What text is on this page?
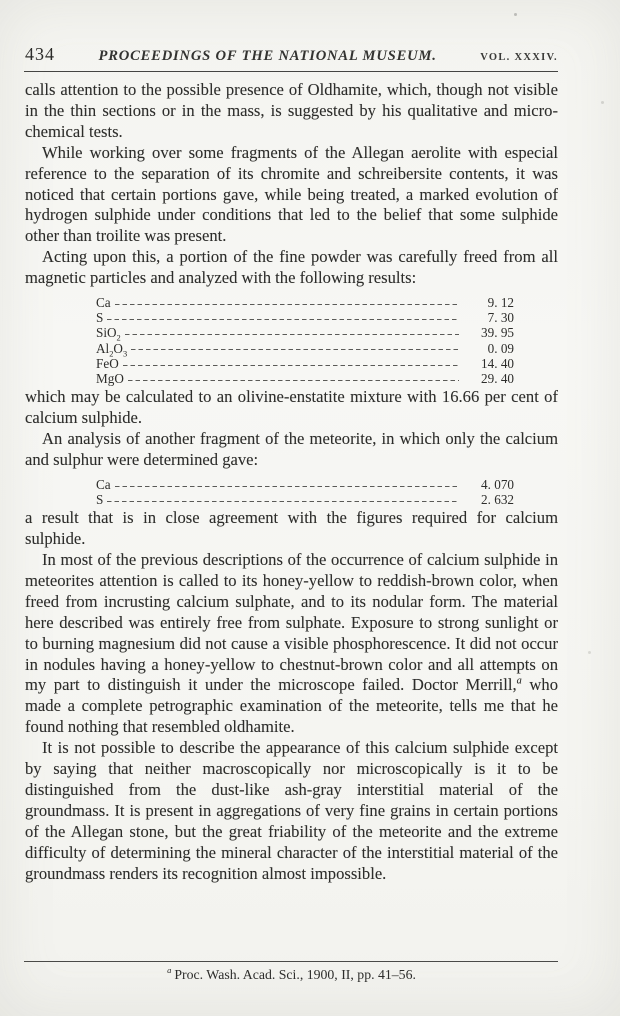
434	PROCEEDINGS OF THE NATIONAL MUSEUM.	VOL. XXXIV.

calls attention to the possible presence of Oldhamite, which, though not visible in the thin sections or in the mass, is suggested by his qualitative and micro-chemical tests.

While working over some fragments of the Allegan aerolite with especial reference to the separation of its chromite and schreibersite contents, it was noticed that certain portions gave, while being treated, a marked evolution of hydrogen sulphide under conditions that led to the belief that some sulphide other than troilite was present.

Acting upon this, a portion of the fine powder was carefully freed from all magnetic particles and analyzed with the following results:

Ca	9. 12
S	7. 30
SiO$_2$	39. 95
$Al_2O_3$	0. 09
FeO	14. 40
MgO	29. 40

which may be calculated to an olivine-enstatite mixture with 16.66 per cent of calcium sulphide.

An analysis of another fragment of the meteorite, in which only the calcium and sulphur were determined gave:

Ca	4. 070
S	2. 632

a result that is in close agreement with the figures required for calcium sulphide.

In most of the previous descriptions of the occurrence of calcium sulphide in meteorites attention is called to its honey-yellow to reddish-brown color, when freed from incrusting calcium sulphate, and to its nodular form. The material here described was entirely free from sulphate. Exposure to strong sunlight or to burning magnesium did not cause a visible phosphorescence. It did not occur in nodules having a honey-yellow to chestnut-brown color and all attempts on my part to distinguish it under the microscope failed. Doctor Merrill,$^a$ who made a complete petrographic examination of the meteorite, tells me that he found nothing that resembled oldhamite.

It is not possible to describe the appearance of this calcium sulphide except by saying that neither macroscopically nor microscopically is it to be distinguished from the dust-like ash-gray interstitial material of the groundmass. It is present in aggregations of very fine grains in certain portions of the Allegan stone, but the great friability of the meteorite and the extreme difficulty of determining the mineral character of the interstitial material of the groundmass renders its recognition almost impossible.

$^a$ Proc. Wash. Acad. Sci., 1900, II, pp. 41–56.
